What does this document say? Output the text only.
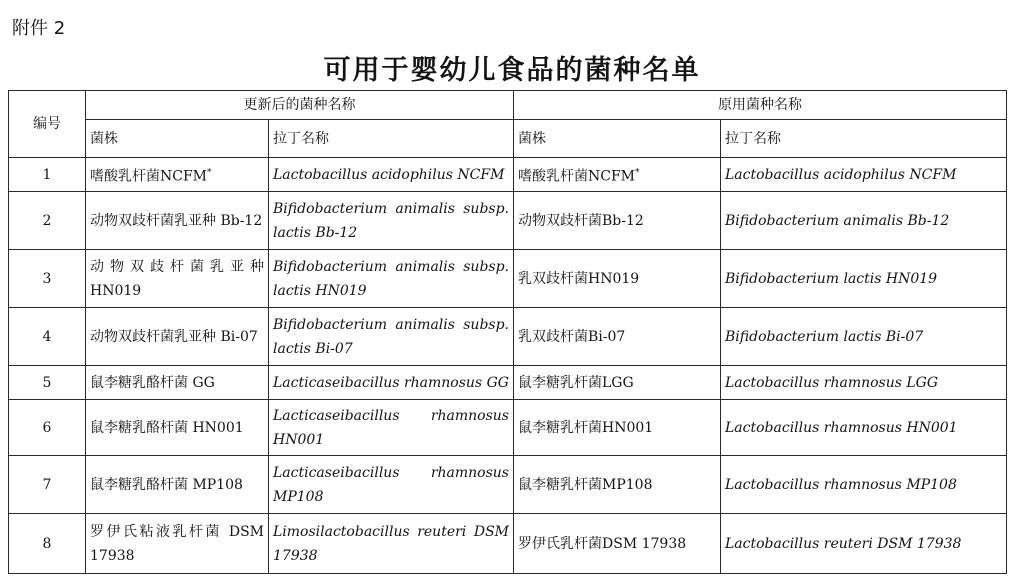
附件 2
可用于婴幼儿食品的菌种名单
编号	更新后的菌种名称		原用菌种名称	
	菌株	拉丁名称	菌株	拉丁名称
1	嗜酸乳杆菌NCFM*	Lactobacillus acidophilus NCFM	嗜酸乳杆菌NCFM*	Lactobacillus acidophilus NCFM
2	动物双歧杆菌乳亚种 Bb-12	Bifidobacterium animalis subsp. lactis Bb-12	动物双歧杆菌Bb-12	Bifidobacterium animalis Bb-12
3	动物双歧杆菌乳亚种 HN019	Bifidobacterium animalis subsp. lactis HN019	乳双歧杆菌HN019	Bifidobacterium lactis HN019
4	动物双歧杆菌乳亚种 Bi-07	Bifidobacterium animalis subsp. lactis Bi-07	乳双歧杆菌Bi-07	Bifidobacterium lactis Bi-07
5	鼠李糖乳酪杆菌 GG	Lacticaseibacillus rhamnosus GG	鼠李糖乳杆菌LGG	Lactobacillus rhamnosus LGG
6	鼠李糖乳酪杆菌 HN001	Lacticaseibacillus rhamnosus HN001	鼠李糖乳杆菌HN001	Lactobacillus rhamnosus HN001
7	鼠李糖乳酪杆菌 MP108	Lacticaseibacillus rhamnosus MP108	鼠李糖乳杆菌MP108	Lactobacillus rhamnosus MP108
8	罗伊氏粘液乳杆菌 DSM 17938	Limosilactobacillus reuteri DSM 17938	罗伊氏乳杆菌DSM 17938	Lactobacillus reuteri DSM 17938
